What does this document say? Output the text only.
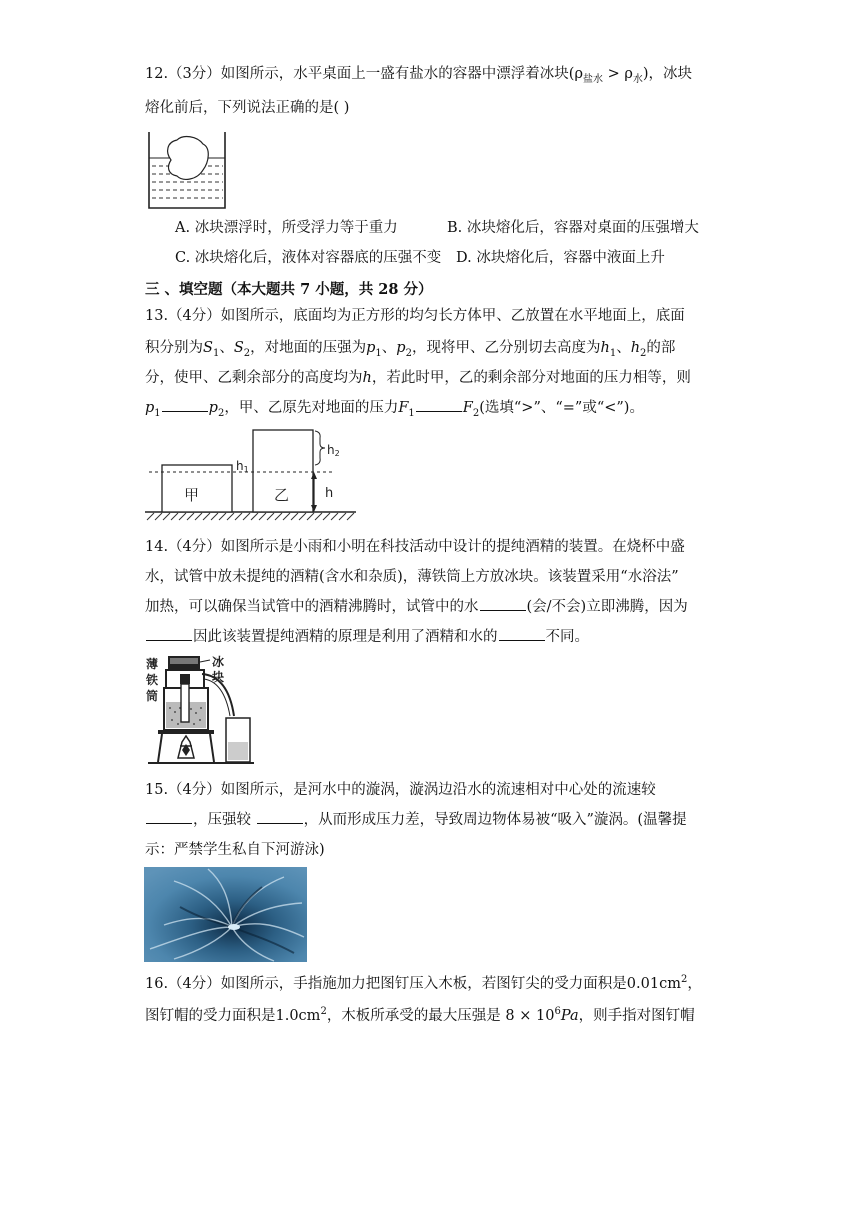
12.（3分）如图所示，水平桌面上一盛有盐水的容器中漂浮着冰块$(\rho_{盐水} > \rho_水)$，冰块
熔化前后，下列说法正确的是( )
A. 冰块漂浮时，所受浮力等于重力	B. 冰块熔化后，容器对桌面的压强增大
C. 冰块熔化后，液体对容器底的压强不变 D. 冰块熔化后，容器中液面上升
三 、填空题（本大题共 7 小题，共 28 分）
13.（4分）如图所示，底面均为正方形的均匀长方体甲、乙放置在水平地面上，底面
积分别为$S_1$、$S_2$，对地面的压强为$p_1$、$p_2$，现将甲、乙分别切去高度为$h_1$、$h_2$的部
分，使甲、乙剩余部分的高度均为h，若此时甲，乙的剩余部分对地面的压力相等，则
$p_1$	$p_2$，甲、乙原先对地面的压力$F_1$	$F_2$(选填“>”、“=”或“<”)。
甲	乙
h1
h2
h
14.（4分）如图所示是小雨和小明在科技活动中设计的提纯酒精的装置。在烧杯中盛
水，试管中放未提纯的酒精(含水和杂质)，薄铁筒上方放冰块。该装置采用“水浴法”
加热，可以确保当试管中的酒精沸腾时，试管中的水	(会/不会)立即沸腾，因为
因此该装置提纯酒精的原理是利用了酒精和水的	不同。
薄
铁
筒
冰
块
15.（4分）如图所示，是河水中的漩涡，漩涡边沿水的流速相对中心处的流速较
，压强较	，从而形成压力差，导致周边物体易被“吸入”漩涡。(温馨提
示：严禁学生私自下河游泳)
16.（4分）如图所示，手指施加力把图钉压入木板，若图钉尖的受力面积是$0.01cm^2$，
图钉帽的受力面积是$1.0cm^2$，木板所承受的最大压强是 $8 \times 10^6Pa$，则手指对图钉帽
